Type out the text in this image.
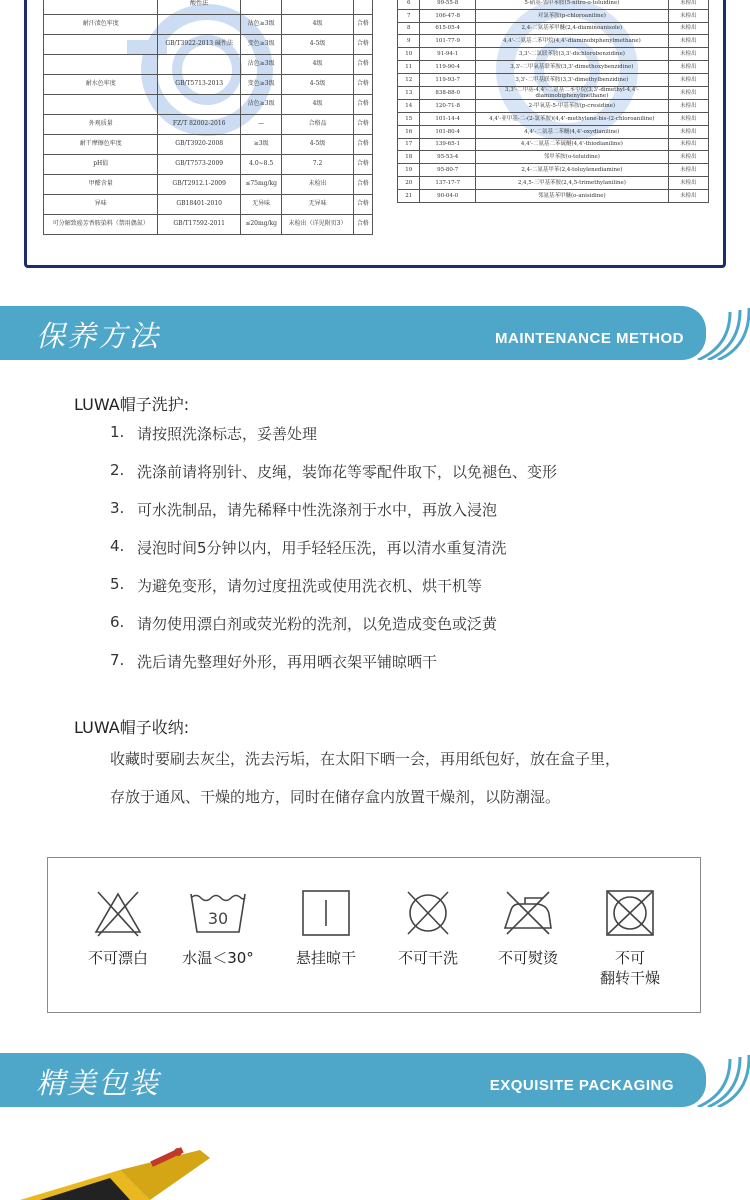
	酸性法			
耐汗渍色牢度		沾色≥3级	4级	合格
	GB/T3922-2013 碱性法	变色≥3级	4-5级	合格
		沾色≥3级	4级	合格
耐水色牢度	GB/T5713-2013	变色≥3级	4-5级	合格
		沾色≥3级	4级	合格
外观质量	FZ/T 82002-2016	—	合格品	合格
耐干摩擦色牢度	GB/T3920-2008	≥3级	4-5级	合格
pH值	GB/T7573-2009	4.0~8.5	7.2	合格
甲醛含量	GB/T2912.1-2009	≤75mg/kg	未检出	合格
异味	GB18401-2010	无异味	无异味	合格
可分解致癌芳香胺染料（禁用偶氮）	GB/T17592-2011	≤20mg/kg	未检出（详见附页3）	合格
6	99-55-8	5-硝基-邻甲苯胺(5-nitro-o-toluidine)	未检出
7	106-47-8	对氯苯胺(p-chloroaniline)	未检出
8	615-05-4	2,4-二氨基苯甲醚(2,4-diaminoanisole)	未检出
9	101-77-9	4,4'-二氨基二苯甲烷(4,4'-diaminobiphenylmethane)	未检出
10	91-94-1	3,3'-二氯联苯胺(3,3'-dichlorobenzidine)	未检出
11	119-90-4	3,3'-二甲氧基联苯胺(3,3'-dimethoxybenzidine)	未检出
12	119-93-7	3,3'-二甲基联苯胺(3,3'-dimethylbenzidine)	未检出
13	838-88-0	3,3'-二甲基-4,4'-二氨基二苯甲烷(3,3'-dimethyl-4,4'-diaminobiphenylmethane)	未检出
14	120-71-8	2-甲氧基-5-甲基苯胺(p-cresidine)	未检出
15	101-14-4	4,4'-亚甲基-二-(2-氯苯胺)(4,4'-methylene-bis-(2-chloroaniline)	未检出
16	101-80-4	4,4'-二氨基二苯醚(4,4'-oxydianiline)	未检出
17	139-65-1	4,4'-二氨基二苯硫醚(4,4'-thiodianiline)	未检出
18	95-53-4	邻甲苯胺(o-toluidine)	未检出
19	95-80-7	2,4-二氨基甲苯(2,4-toluylenediamine)	未检出
20	137-17-7	2,4,5-三甲基苯胺(2,4,5-trimethylaniline)	未检出
21	90-04-0	邻氨基苯甲醚(o-anisidine)	未检出
保养方法	MAINTENANCE METHOD
LUWA帽子洗护:
1. 请按照洗涤标志，妥善处理
2. 洗涤前请将别针、皮绳，装饰花等零配件取下，以免褪色、变形
3. 可水洗制品，请先稀释中性洗涤剂于水中，再放入浸泡
4. 浸泡时间5分钟以内，用手轻轻压洗，再以清水重复清洗
5. 为避免变形，请勿过度扭洗或使用洗衣机、烘干机等
6. 请勿使用漂白剂或荧光粉的洗剂，以免造成变色或泛黄
7. 洗后请先整理好外形，再用晒衣架平铺晾晒干
LUWA帽子收纳:
收藏时要刷去灰尘，洗去污垢，在太阳下晒一会，再用纸包好，放在盒子里，
存放于通风、干燥的地方，同时在储存盒内放置干燥剂，以防潮湿。
不可漂白
30
水温＜30°	悬挂晾干	不可干洗	不可熨烫	不可
翻转干燥
精美包装	EXQUISITE PACKAGING
